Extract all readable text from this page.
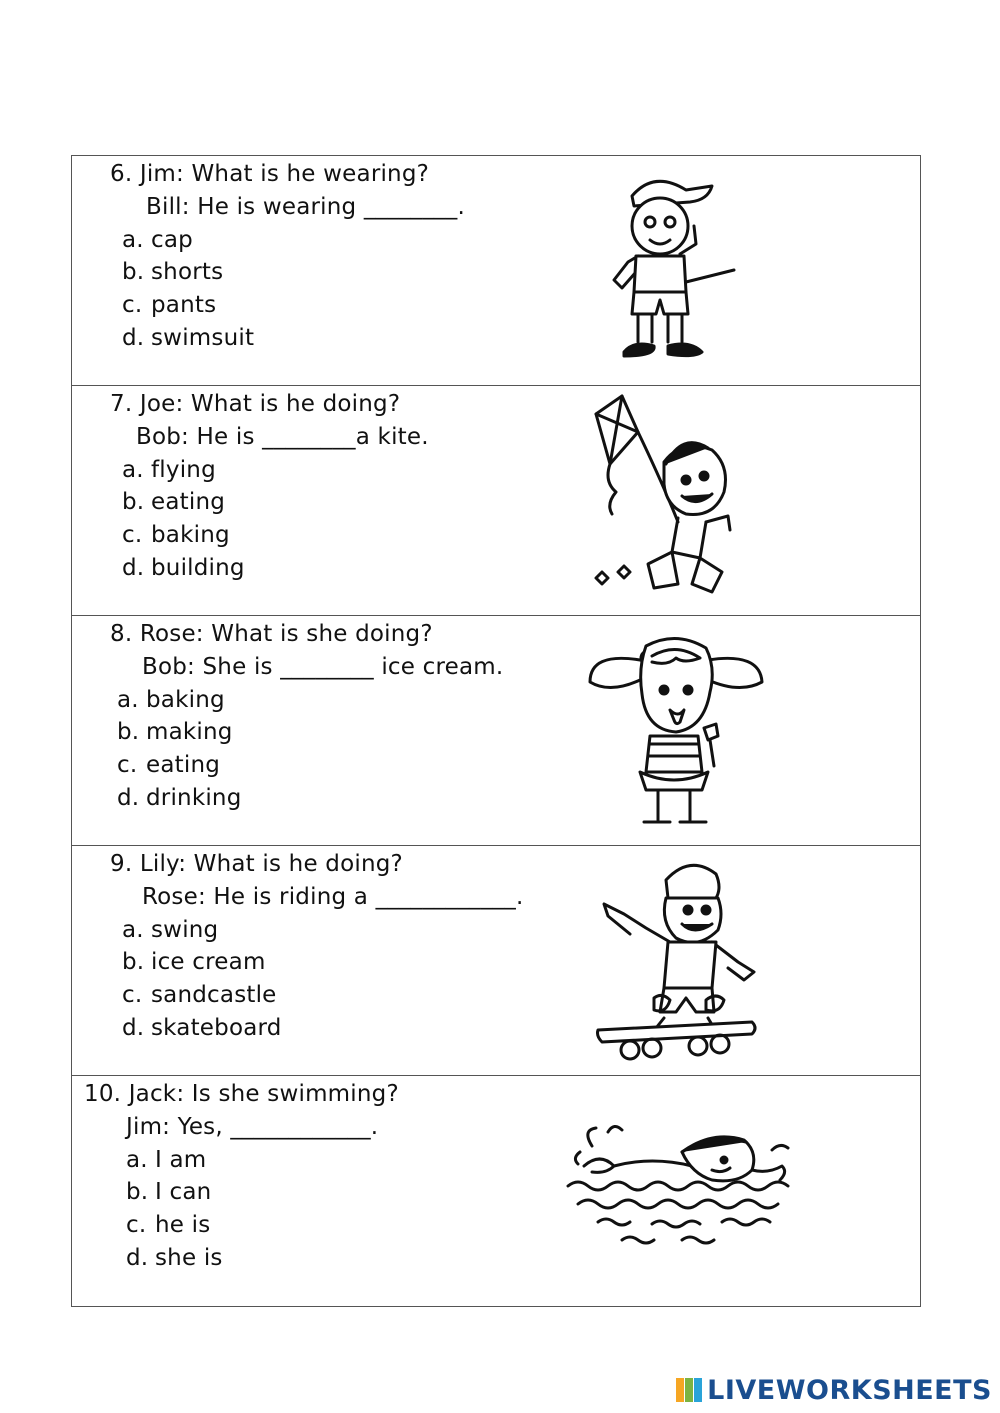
6. Jim: What is he wearing?
Bill: He is wearing ________.
a. cap
b. shorts
c. pants
d. swimsuit
7. Joe: What is he doing?
Bob: He is ________a kite.
a. flying
b. eating
c. baking
d. building
8. Rose: What is she doing?
Bob: She is ________ ice cream.
a. baking
b. making
c. eating
d. drinking
9. Lily: What is he doing?
Rose: He is riding a ____________.
a. swing
b. ice cream
c. sandcastle
d. skateboard
10. Jack: Is she swimming?
Jim: Yes, ____________.
a. I am
b. I can
c. he is
d. she is
LIVEWORKSHEETS
